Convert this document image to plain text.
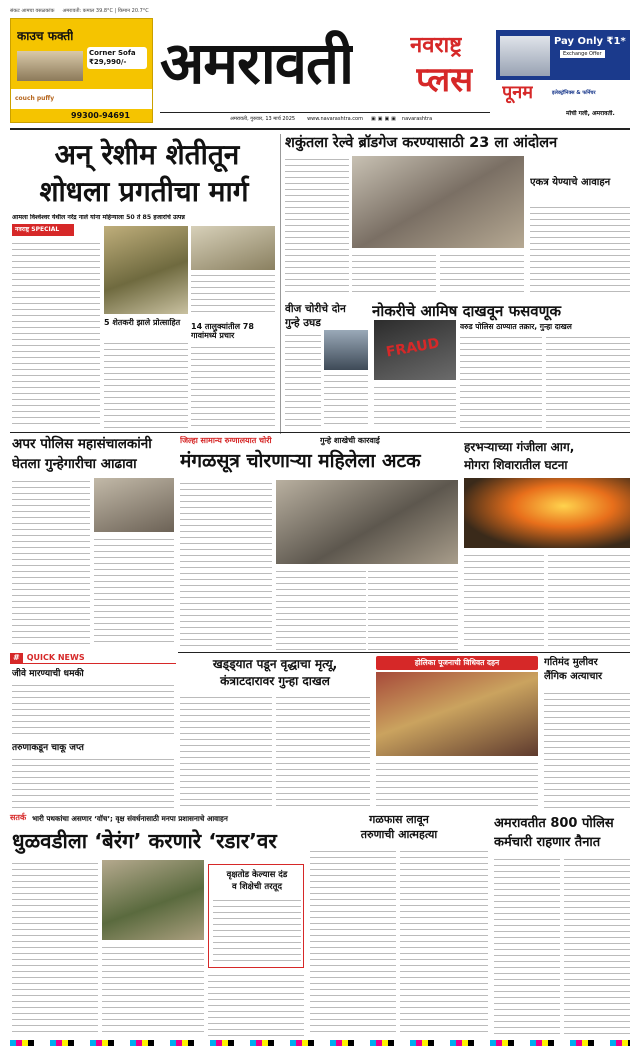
संकट आमचा वसळकांक अमरावती: कमाल 39.8°C | किमान 20.7°C
काउच फक्ती
Corner Sofa ₹29,990/-
couch puffy
99300-94691
अमरावती	नवराष्ट्र
प्लस
अमरावती, गुरुवार, 13 मार्च 2025 www.navarashtra.com ▣▣▣▣ navarashtra
Pay Only ₹1*
Exchange Offer
पूनम	इलेक्ट्रॉनिक्स & फर्निचर
मोची गली, अमरावती.
अन् रेशीम शेतीतून
शोधला प्रगतीचा मार्ग
आमला विश्‍वेश्‍वर येथील नरेंद्र नाले यांना महिन्याला 50 ते 85 हजारांचे उत्पन्न
नवराष्ट्र SPECIAL
5 शेतकरी झाले प्रोत्साहित	14 तालुक्यांतील 78 गावांमध्ये प्रचार
शकुंतला रेल्वे ब्रॉडगेज करण्यासाठी 23 ला आंदोलन
एकत्र येण्याचे आवाहन
वीज चोरीचे दोन गुन्हे उघड
नोकरीचे आमिष दाखवून फसवणूक
वरुड पोलिस ठाण्यात तक्रार, गुन्हा दाखल
FRAUD
अपर पोलिस महासंचालकांनी
घेतला गुन्हेगारीचा आढावा
जिल्हा सामान्य रुग्णालयात चोरी	गुन्हे शाखेची कारवाई
मंगळसूत्र चोरणाऱ्या महिलेला अटक
हरभऱ्याच्या गंजीला आग,
मोगरा शिवारातील घटना
# QUICK NEWS
जीवे मारण्याची धमकी
तरुणाकडून चाकू जप्त
खड्ड्यात पडून वृद्धाचा मृत्यू,
कंत्राटदारावर गुन्हा दाखल
होलिका पूजनाची विधिवत दहन	गतिमंद मुलीवर
लैंगिक अत्याचार
सतर्क भारी पथकांचा असणार ‘वॉच’; वृक्ष संवर्धनासाठी मनपा प्रशासनाचे आवाहन
धुळवडीला ‘बेरंग’ करणारे ‘रडार’वर
वृक्षतोड केल्यास दंड
व शिक्षेची तरतूद
गळफास लावून
तरुणाची आत्महत्या
अमरावतीत 800 पोलिस
कर्मचारी राहणार तैनात
